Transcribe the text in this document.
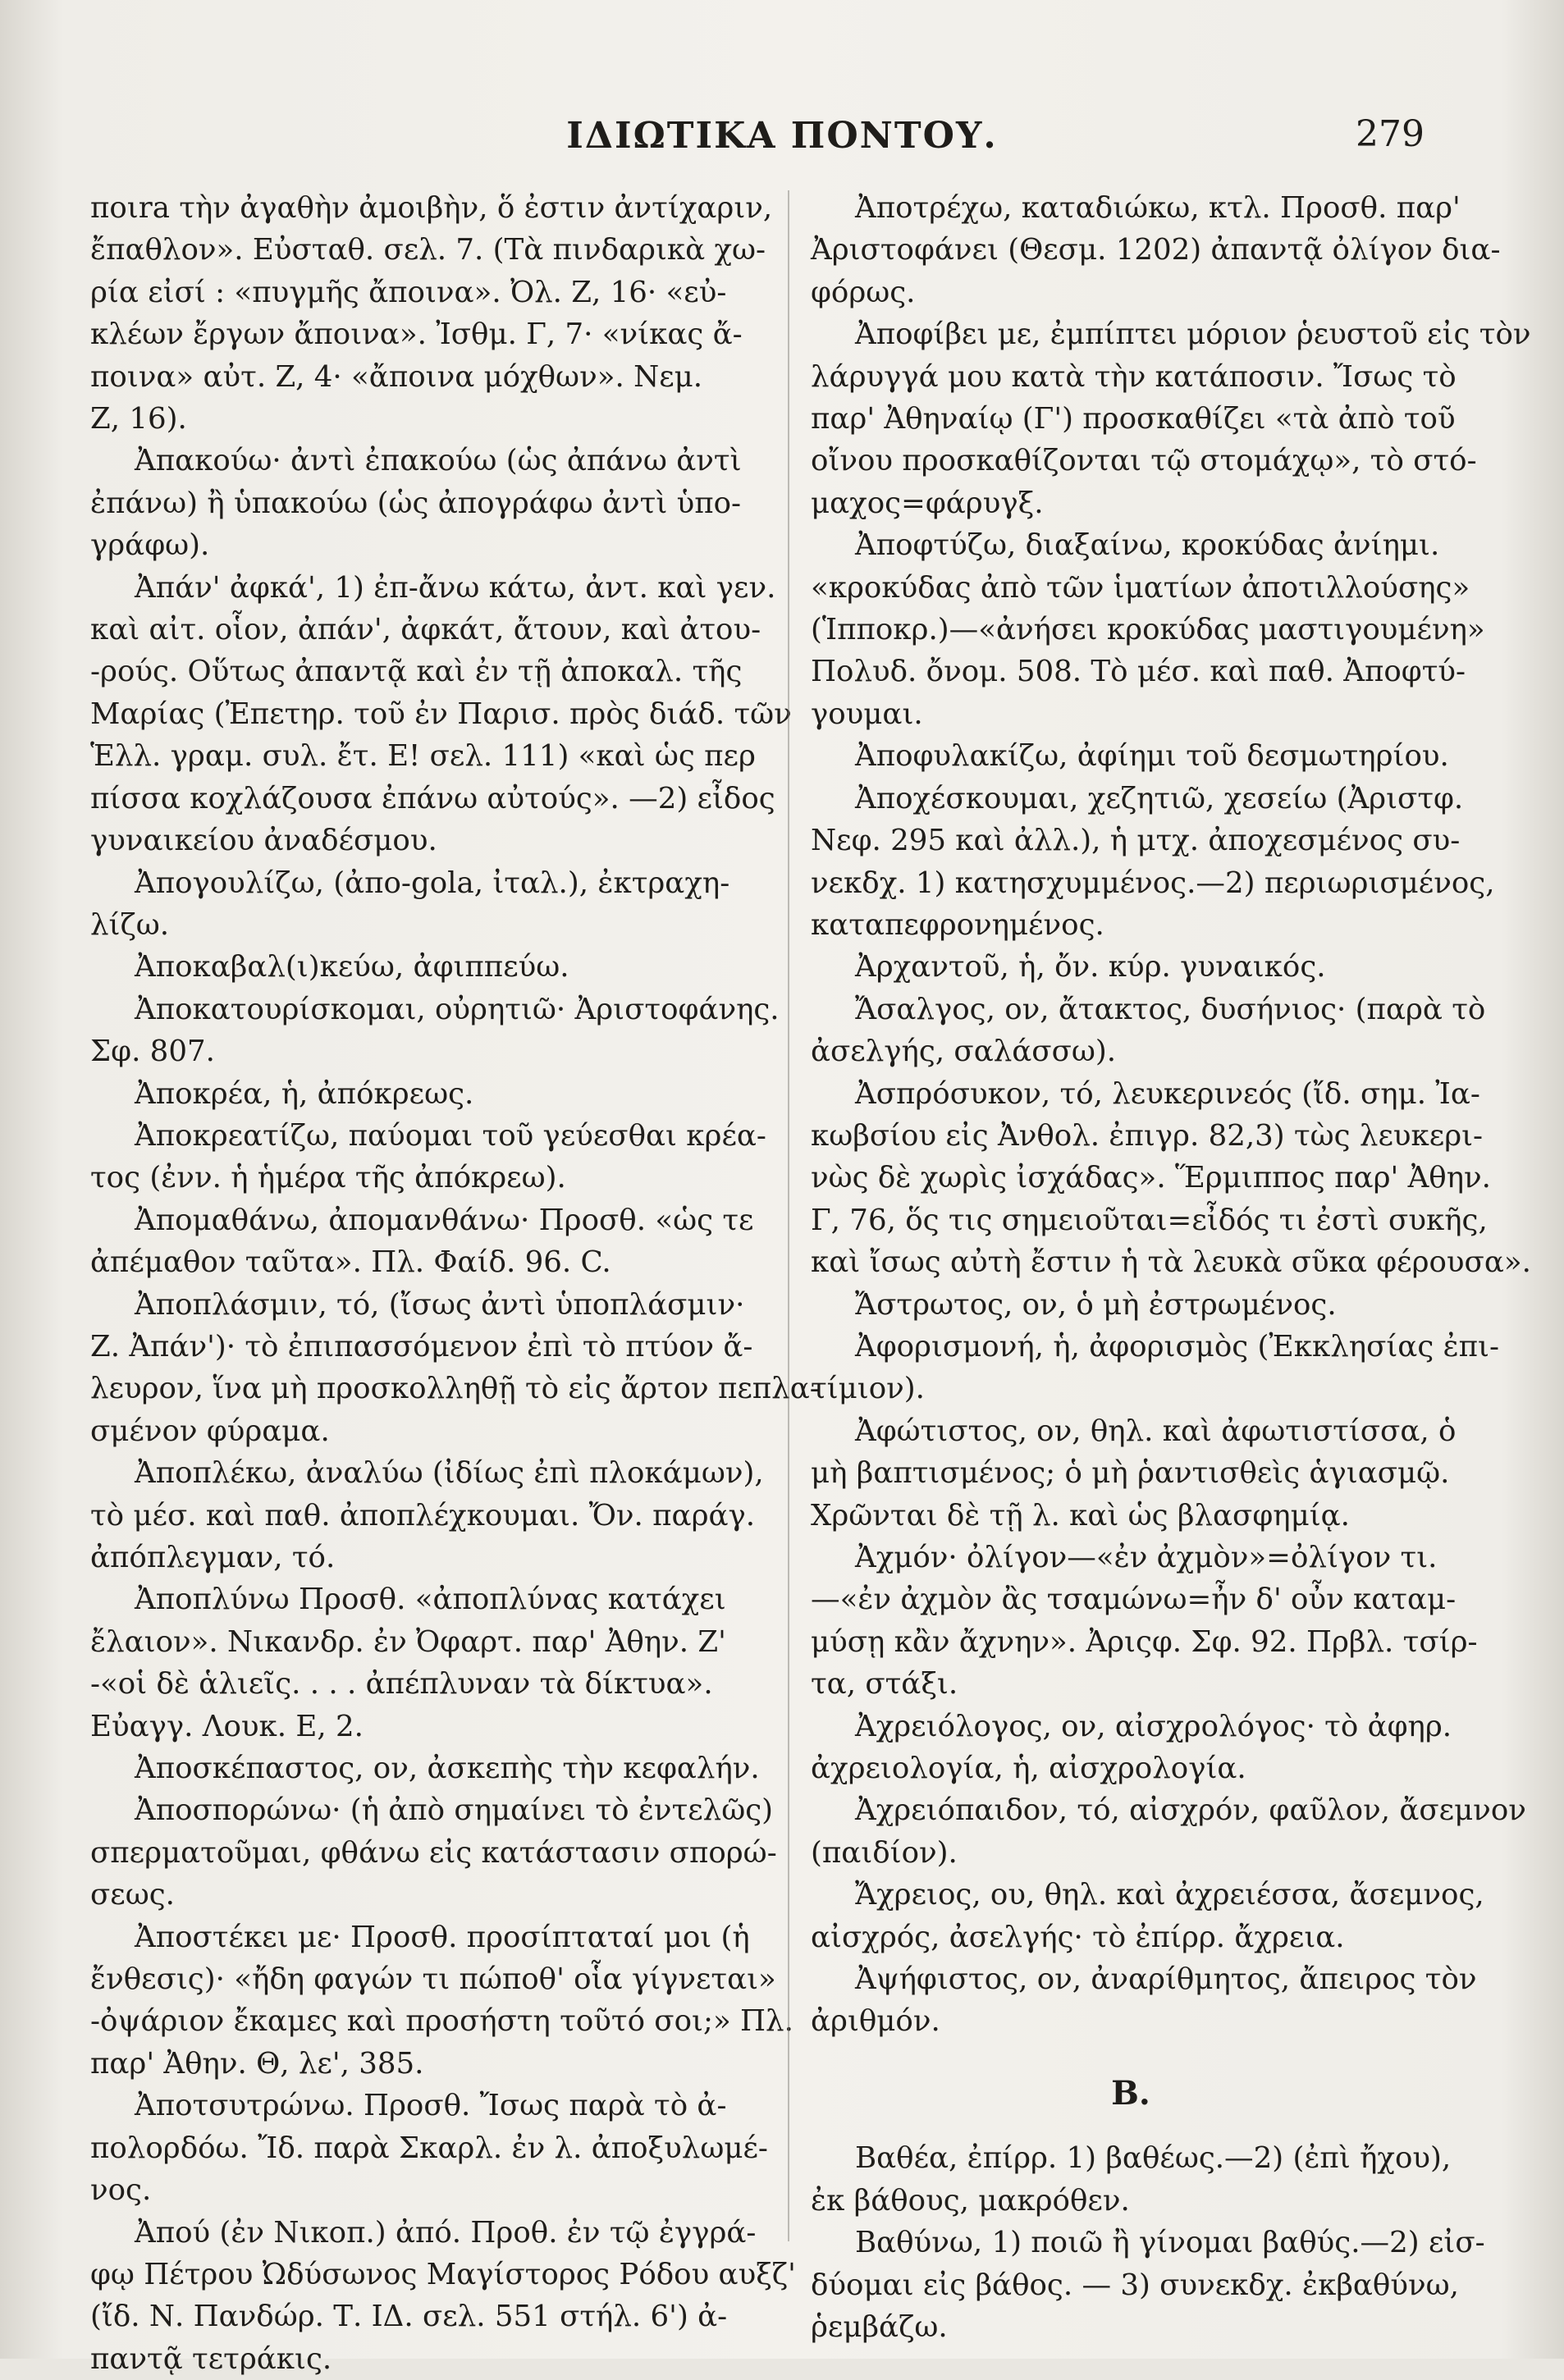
ΙΔΙΩΤΙΚΑ ΠΟΝΤΟΥ.	279
ποιra τὴν ἀγαθὴν ἀμοιβὴν, ὅ ἐστιν ἀντίχαριν,
ἔπαθλον». Εὐσταθ. σελ. 7. (Τὰ πινδαρικὰ χω-
ρία εἰσί : «πυγμῆς ἄποινα». Ὀλ. Ζ, 16· «εὐ-
κλέων ἔργων ἄποινα». Ἰσθμ. Γ, 7· «νίκας ἄ-
ποινα» αὐτ. Ζ, 4· «ἄποινα μόχθων». Νεμ.
Ζ, 16).
Ἀπακούω· ἀντὶ ἐπακούω (ὡς ἀπάνω ἀντὶ
ἐπάνω) ἢ ὑπακούω (ὡς ἀπογράφω ἀντὶ ὑπο-
γράφω).
Ἀπάν' ἀφκά', 1) ἐπ-ἄνω κάτω, ἀντ. καὶ γεν.
καὶ αἰτ. οἷον, ἀπάν', ἀφκάτ, ἄτουν, καὶ ἀτου-
-ρούς. Οὕτως ἀπαντᾷ καὶ ἐν τῇ ἀποκαλ. τῆς
Μαρίας (Ἐπετηρ. τοῦ ἐν Παρισ. πρὸς διάδ. τῶν
Ἑλλ. γραμ. συλ. ἔτ. Ε! σελ. 111) «καὶ ὡς περ
πίσσα κοχλάζουσα ἐπάνω αὐτούς». —2) εἶδος
γυναικείου ἀναδέσμου.
Ἀπογουλίζω, (ἀπο-gola, ἰταλ.), ἐκτραχη-
λίζω.
Ἀποκαβαλ(ι)κεύω, ἀφιππεύω.
Ἀποκατουρίσκομαι, οὐρητιῶ· Ἀριστοφάνης.
Σφ. 807.
Ἀποκρέα, ἡ, ἀπόκρεως.
Ἀποκρεατίζω, παύομαι τοῦ γεύεσθαι κρέα-
τος (ἐνν. ἡ ἡμέρα τῆς ἀπόκρεω).
Ἀπομαθάνω, ἀπομανθάνω· Προσθ. «ὡς τε
ἀπέμαθον ταῦτα». Πλ. Φαίδ. 96. C.
Ἀποπλάσμιν, τό, (ἴσως ἀντὶ ὑποπλάσμιν·
Ζ. Ἀπάν')· τὸ ἐπιπασσόμενον ἐπὶ τὸ πτύον ἄ-
λευρον, ἵνα μὴ προσκολληθῇ τὸ εἰς ἄρτον πεπλα-
σμένον φύραμα.
Ἀποπλέκω, ἀναλύω (ἰδίως ἐπὶ πλοκάμων),
τὸ μέσ. καὶ παθ. ἀποπλέχκουμαι. Ὄν. παράγ.
ἀπόπλεγμαν, τό.
Ἀποπλύνω Προσθ. «ἀποπλύνας κατάχει
ἔλαιον». Νικανδρ. ἐν Ὀφαρτ. παρ' Ἀθην. Ζ'
-«οἱ δὲ ἁλιεῖς. . . . ἀπέπλυναν τὰ δίκτυα».
Εὐαγγ. Λουκ. Ε, 2.
Ἀποσκέπαστος, ον, ἀσκεπὴς τὴν κεφαλήν.
Ἀποσπορώνω· (ἡ ἀπὸ σημαίνει τὸ ἐντελῶς)
σπερματοῦμαι, φθάνω εἰς κατάστασιν σπορώ-
σεως.
Ἀποστέκει με· Προσθ. προσίπταταί μοι (ἡ
ἔνθεσις)· «ἤδη φαγών τι πώποθ' οἷα γίγνεται»
-ὀψάριον ἔκαμες καὶ προσήστη τοῦτό σοι;» Πλ.
παρ' Ἀθην. Θ, λε', 385.
Ἀποτσυτρώνω. Προσθ. Ἴσως παρὰ τὸ ἀ-
πολορδόω. Ἴδ. παρὰ Σκαρλ. ἐν λ. ἀποξυλωμέ-
νος.
Ἀπού (ἐν Νικοπ.) ἀπό. Προθ. ἐν τῷ ἐγγρά-
φῳ Πέτρου Ὠδύσωνος Μαγίστορος Ρόδου αυξζ'
(ἴδ. Ν. Πανδώρ. Τ. ΙΔ. σελ. 551 στήλ. 6') ἀ-
παντᾷ τετράκις.
Ἀποτρέχω, καταδιώκω, κτλ. Προσθ. παρ'
Ἀριστοφάνει (Θεσμ. 1202) ἀπαντᾷ ὀλίγον δια-
φόρως.
Ἀποφίβει με, ἐμπίπτει μόριον ῥευστοῦ εἰς τὸν
λάρυγγά μου κατὰ τὴν κατάποσιν. Ἴσως τὸ
παρ' Ἀθηναίῳ (Γ') προσκαθίζει «τὰ ἀπὸ τοῦ
οἴνου προσκαθίζονται τῷ στομάχῳ», τὸ στό-
μαχος=φάρυγξ.
Ἀποφτύζω, διαξαίνω, κροκύδας ἀνίημι.
«κροκύδας ἀπὸ τῶν ἱματίων ἀποτιλλούσης»
(Ἱπποκρ.)—«ἀνήσει κροκύδας μαστιγουμένη»
Πολυδ. ὄνομ. 508. Τὸ μέσ. καὶ παθ. Ἀποφτύ-
γουμαι.
Ἀποφυλακίζω, ἀφίημι τοῦ δεσμωτηρίου.
Ἀποχέσκουμαι, χεζητιῶ, χεσείω (Ἀριστφ.
Νεφ. 295 καὶ ἀλλ.), ἡ μτχ. ἀποχεσμένος συ-
νεκδχ. 1) κατησχυμμένος.—2) περιωρισμένος,
καταπεφρονημένος.
Ἀρχαντοῦ, ἡ, ὄν. κύρ. γυναικός.
Ἄσαλγος, ον, ἄτακτος, δυσήνιος· (παρὰ τὸ
ἀσελγής, σαλάσσω).
Ἀσπρόσυκον, τό, λευκερινεός (ἴδ. σημ. Ἰα-
κωβσίου εἰς Ἀνθολ. ἐπιγρ. 82,3) τὼς λευκερι-
νὼς δὲ χωρὶς ἰσχάδας». Ἕρμιππος παρ' Ἀθην.
Γ, 76, ὅς τις σημειοῦται=εἶδός τι ἐστὶ συκῆς,
καὶ ἴσως αὐτὴ ἔστιν ἡ τὰ λευκὰ σῦκα φέρουσα».
Ἄστρωτος, ον, ὁ μὴ ἐστρωμένος.
Ἀφορισμονή, ἡ, ἀφορισμὸς (Ἐκκλησίας ἐπι-
τίμιον).
Ἀφώτιστος, ον, θηλ. καὶ ἀφωτιστίσσα, ὁ
μὴ βαπτισμένος; ὁ μὴ ῥαντισθεὶς ἁγιασμῷ.
Χρῶνται δὲ τῇ λ. καὶ ὡς βλασφημίᾳ.
Ἀχμόν· ὀλίγον—«ἐν ἀχμὸν»=ὀλίγον τι.
—«ἐν ἀχμὸν ἂς τσαμώνω=ἦν δ' οὖν καταμ-
μύσῃ κἂν ἄχνην». Ἀριςφ. Σφ. 92. Πρβλ. τσίρ-
τα, στάξι.
Ἀχρειόλογος, ον, αἰσχρολόγος· τὸ ἀφηρ.
ἀχρειολογία, ἡ, αἰσχρολογία.
Ἀχρειόπαιδον, τό, αἰσχρόν, φαῦλον, ἄσεμνον
(παιδίον).
Ἄχρειος, ου, θηλ. καὶ ἀχρειέσσα, ἄσεμνος,
αἰσχρός, ἀσελγής· τὸ ἐπίρρ. ἄχρεια.
Ἀψήφιστος, ον, ἀναρίθμητος, ἄπειρος τὸν
ἀριθμόν.
B.
Βαθέα, ἐπίρρ. 1) βαθέως.—2) (ἐπὶ ἤχου),
ἐκ βάθους, μακρόθεν.
Βαθύνω, 1) ποιῶ ἢ γίνομαι βαθύς.—2) εἰσ-
δύομαι εἰς βάθος. — 3) συνεκδχ. ἐκβαθύνω,
ῥεμβάζω.
